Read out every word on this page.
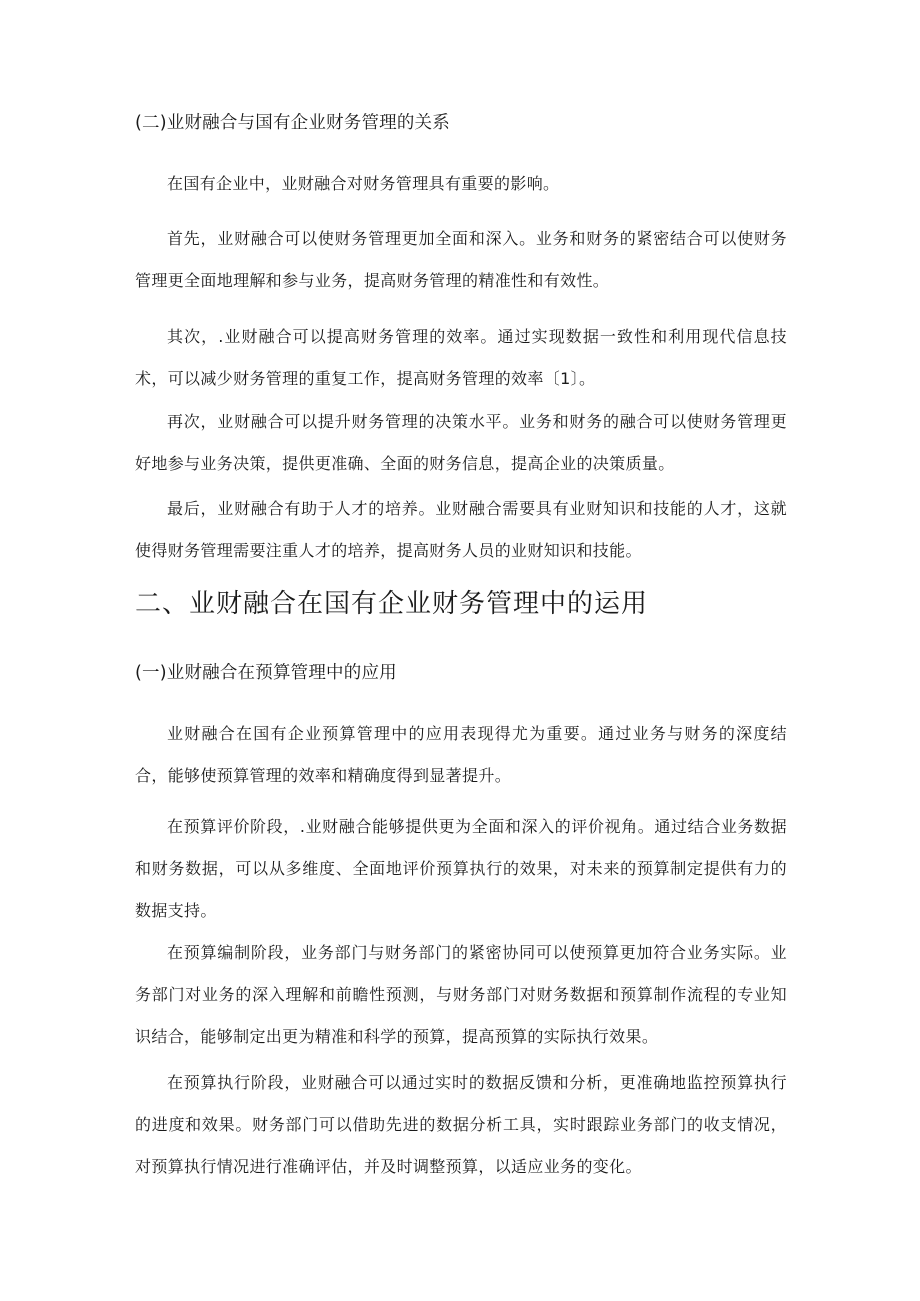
(二)业财融合与国有企业财务管理的关系

在国有企业中，业财融合对财务管理具有重要的影响。

首先，业财融合可以使财务管理更加全面和深入。业务和财务的紧密结合可以使财务管理更全面地理解和参与业务，提高财务管理的精准性和有效性。

其次，.业财融合可以提高财务管理的效率。通过实现数据一致性和利用现代信息技术，可以减少财务管理的重复工作，提高财务管理的效率〔1〕。

再次，业财融合可以提升财务管理的决策水平。业务和财务的融合可以使财务管理更好地参与业务决策，提供更准确、全面的财务信息，提高企业的决策质量。

最后，业财融合有助于人才的培养。业财融合需要具有业财知识和技能的人才，这就使得财务管理需要注重人才的培养，提高财务人员的业财知识和技能。

二、业财融合在国有企业财务管理中的运用
(一)业财融合在预算管理中的应用

业财融合在国有企业预算管理中的应用表现得尤为重要。通过业务与财务的深度结合，能够使预算管理的效率和精确度得到显著提升。

在预算评价阶段，.业财融合能够提供更为全面和深入的评价视角。通过结合业务数据和财务数据，可以从多维度、全面地评价预算执行的效果，对未来的预算制定提供有力的数据支持。

在预算编制阶段，业务部门与财务部门的紧密协同可以使预算更加符合业务实际。业务部门对业务的深入理解和前瞻性预测，与财务部门对财务数据和预算制作流程的专业知识结合，能够制定出更为精准和科学的预算，提高预算的实际执行效果。

在预算执行阶段，业财融合可以通过实时的数据反馈和分析，更准确地监控预算执行的进度和效果。财务部门可以借助先进的数据分析工具，实时跟踪业务部门的收支情况，对预算执行情况进行准确评估，并及时调整预算，以适应业务的变化。
